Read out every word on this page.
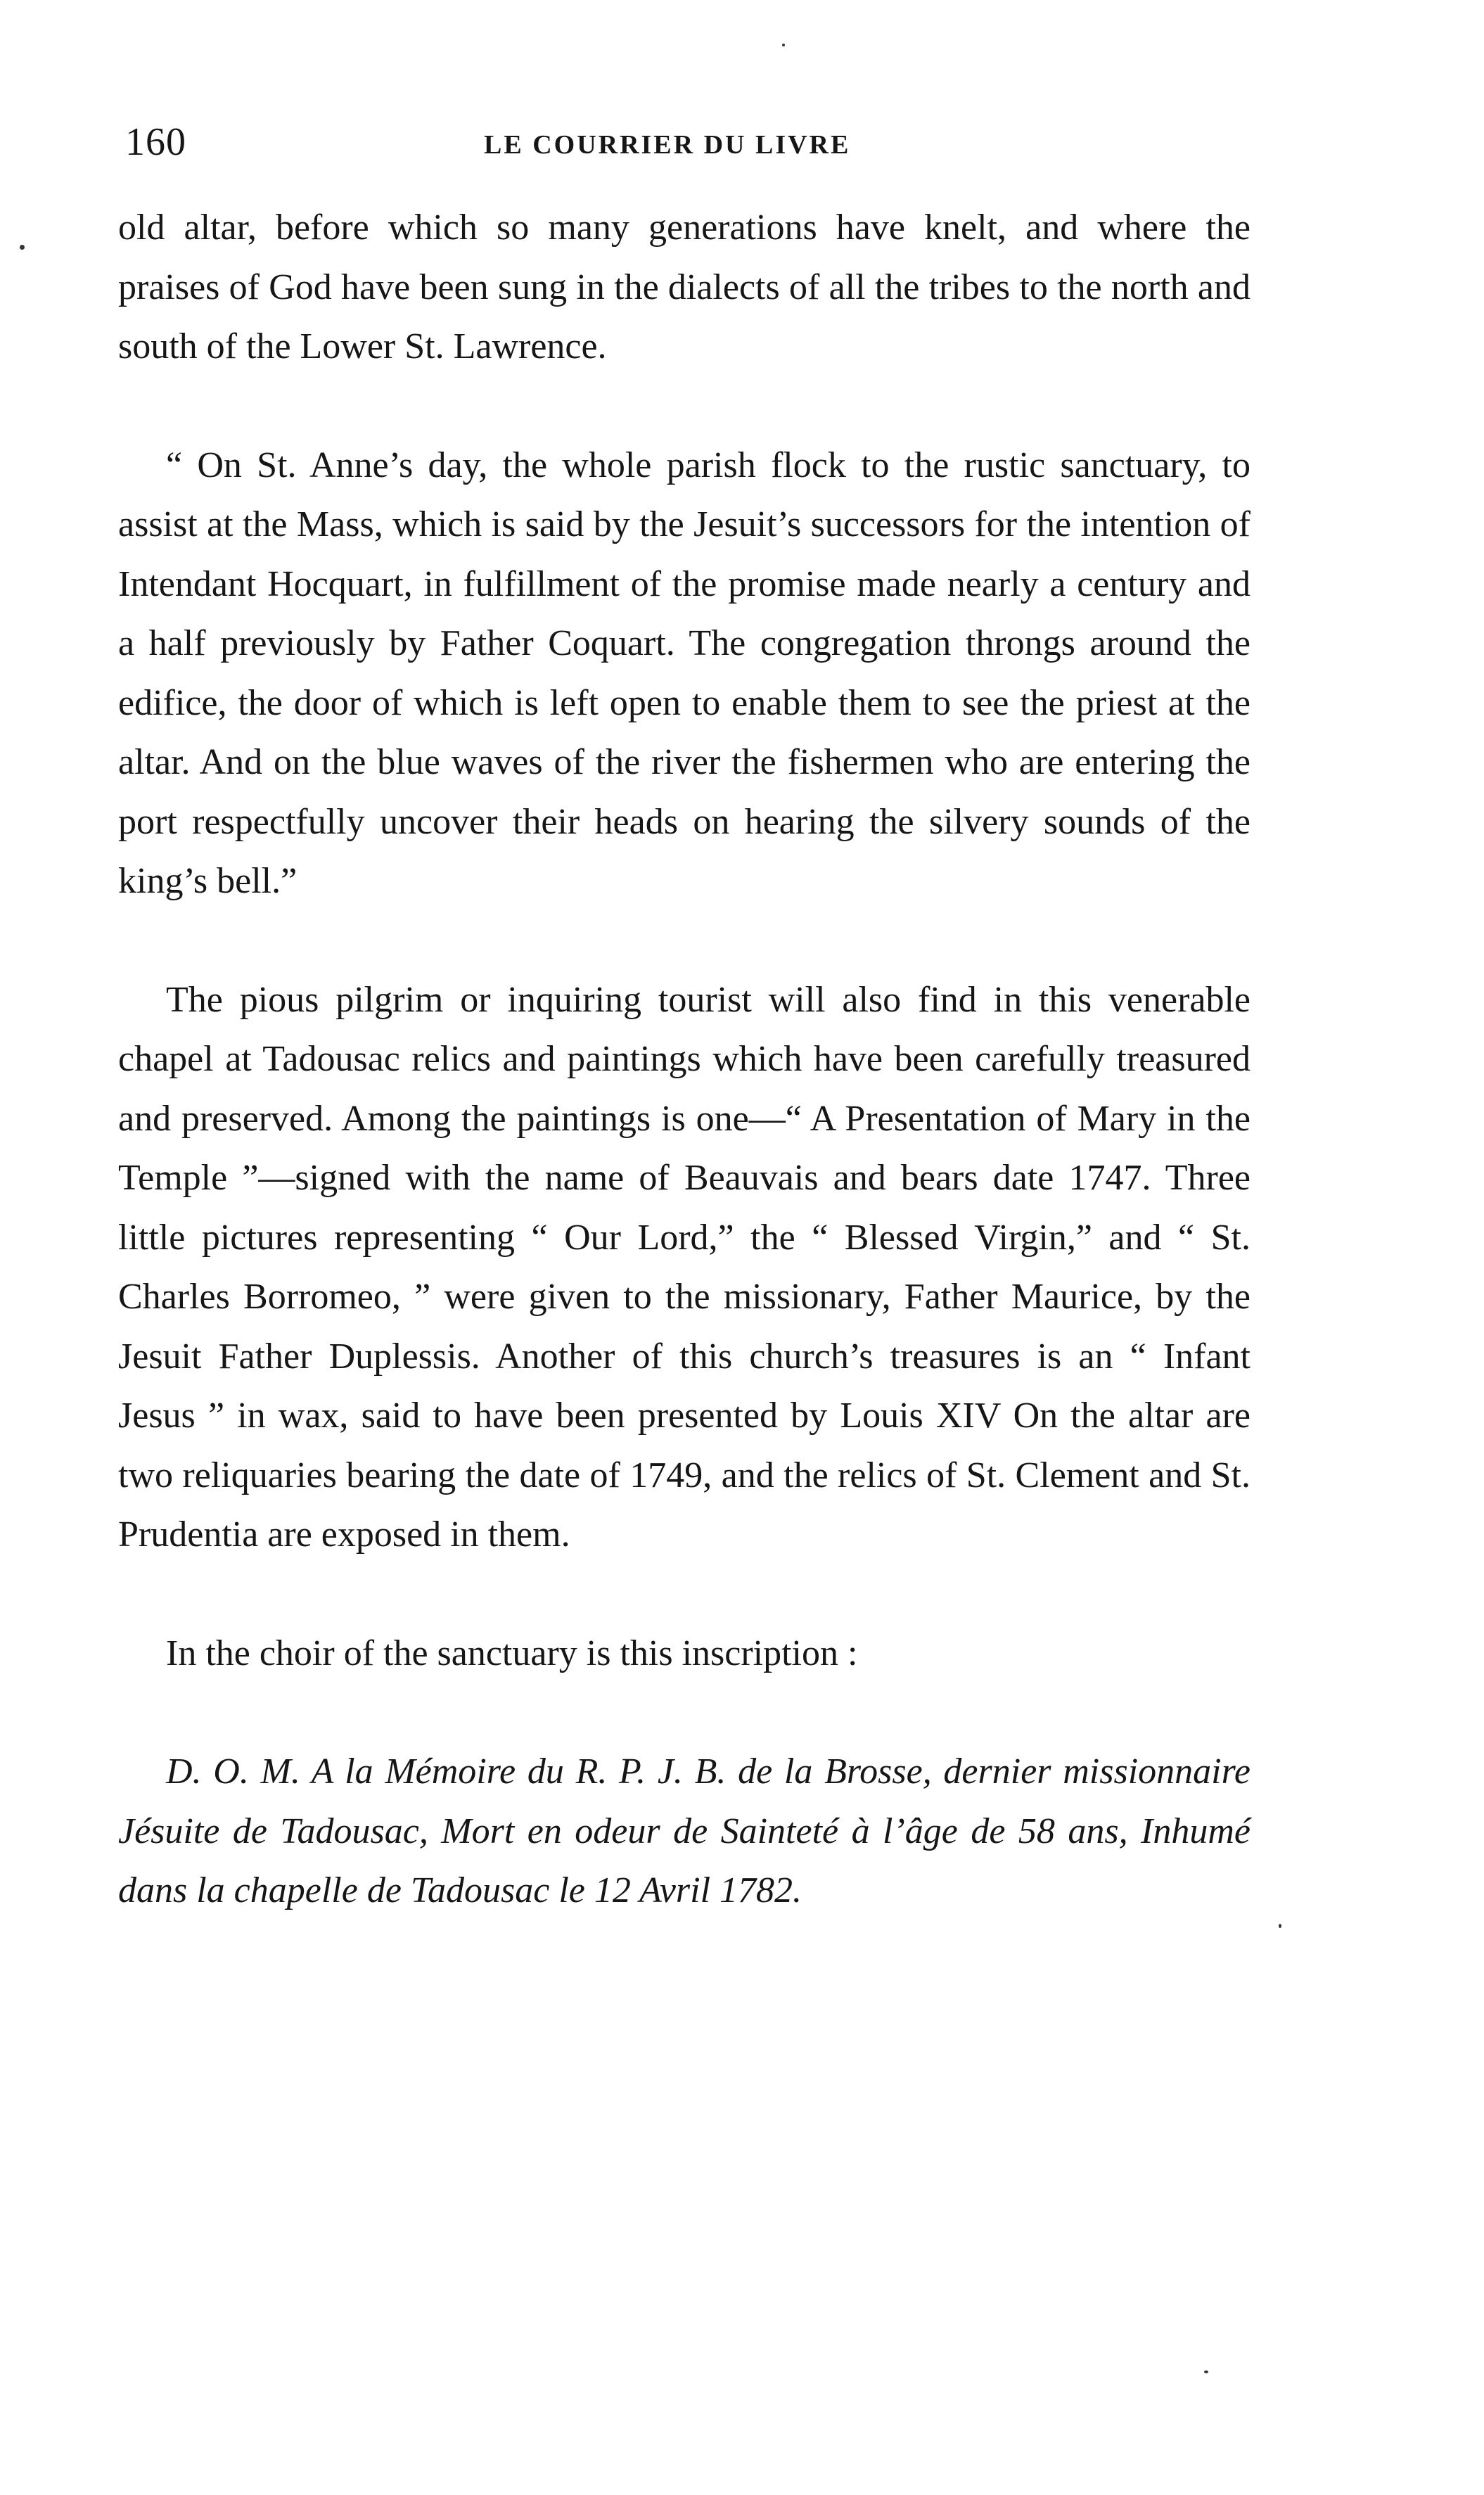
160	LE COURRIER DU LIVRE

old altar, before which so many generations have knelt, and where the praises of God have been sung in the dialects of all the tribes to the north and south of the Lower St. Lawrence.

“ On St. Anne’s day, the whole parish flock to the rustic sanctuary, to assist at the Mass, which is said by the Jesuit’s successors for the intention of Intendant Hocquart, in fulfillment of the promise made nearly a century and a half previously by Father Coquart. The congregation throngs around the edifice, the door of which is left open to enable them to see the priest at the altar. And on the blue waves of the river the fishermen who are entering the port respectfully uncover their heads on hearing the silvery sounds of the king’s bell.”

The pious pilgrim or inquiring tourist will also find in this venerable chapel at Tadousac relics and paintings which have been carefully treasured and preserved. Among the paintings is one—“ A Presentation of Mary in the Temple ”—signed with the name of Beauvais and bears date 1747. Three little pictures representing “ Our Lord,” the “ Blessed Virgin,” and “ St. Charles Borromeo, ” were given to the missionary, Father Maurice, by the Jesuit Father Duplessis. Another of this church’s treasures is an “ Infant Jesus ” in wax, said to have been presented by Louis XIV On the altar are two reliquaries bearing the date of 1749, and the relics of St. Clement and St. Prudentia are exposed in them.

In the choir of the sanctuary is this inscription :

D. O. M. A la Mémoire du R. P. J. B. de la Brosse, dernier missionnaire Jésuite de Tadousac, Mort en odeur de Sainteté à l’âge de 58 ans, Inhumé dans la chapelle de Tadousac le 12 Avril 1782.
